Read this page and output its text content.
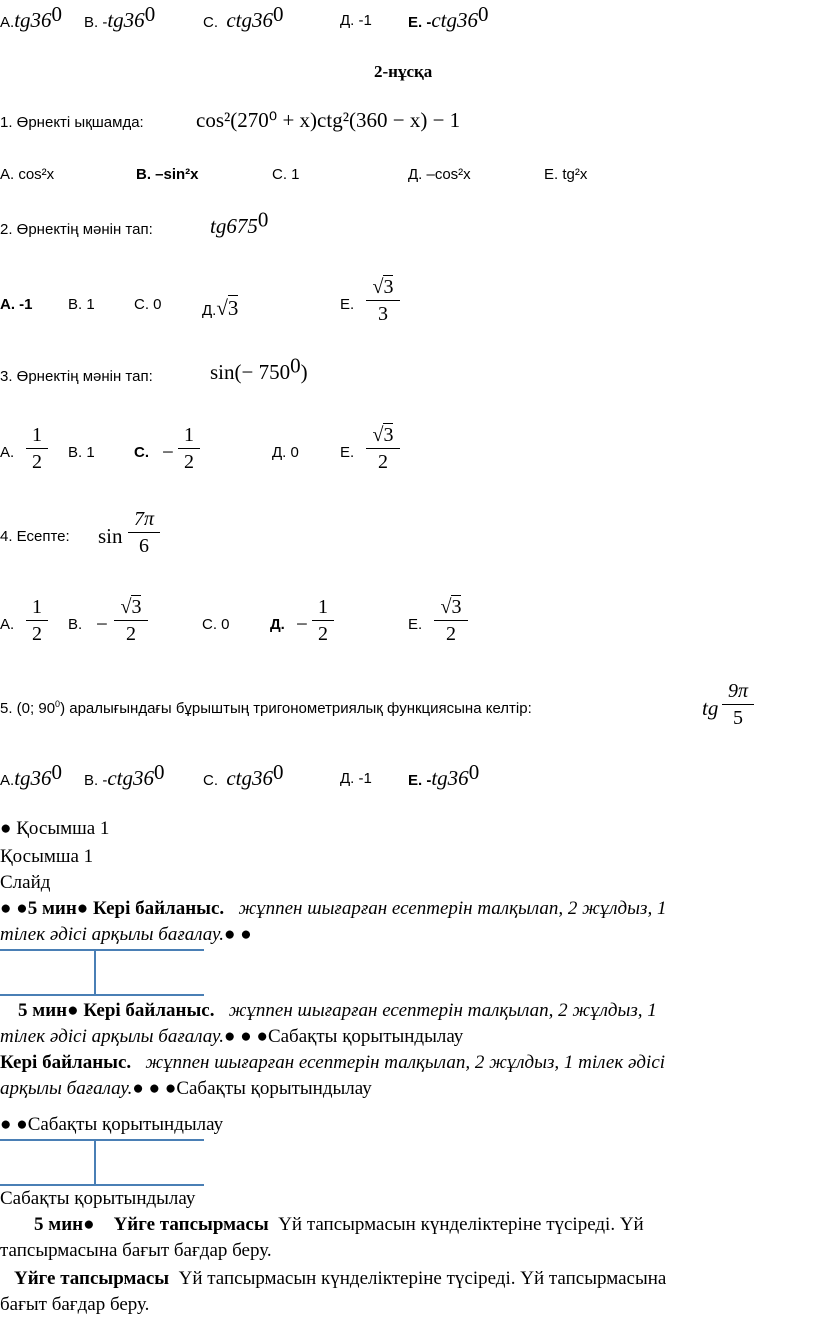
$A.tg36^0$ B. $-tg36^0$	C. $ctg36^0$	Д. -1 E. $-ctg36^0$
2-нұсқа
1. Өрнекті ықшамда: cos²(270⁰ + x)ctg²(360 − x) − 1
A. cos²x	B. –sin²x	C. 1	Д. –cos²x	E. tg²x
2. Өрнектің мәнін тап:	$tg675^0$
A. -1 B. 1	C. 0	Д.√3	E.
√3
3
3. Өрнектің мәнін тап:	$\sin(- 750^0)$
A.
1
2	B. 1	C. −
1
2	Д. 0	E.
√3
2
4. Есепте: sin
7π
6
A.
1
2	B. −
√3
2	C. 0	Д. −
1
2	E.
√3
2
5. (0; $90^0$) аралығындағы бұрыштың тригонометриялық функциясына келтір:	tg
9π
5
$A.tg36^0$ B. $-ctg36^0$	C. $ctg36^0$	Д. -1 E. $-tg36^0$
● Қосымша 1
Қосымша 1
Слайд
● ●5 мин● Кері байланыс. жұппен шығарған есептерін талқылап, 2 жұлдыз, 1
тілек әдісі арқылы бағалау.● ●
5 мин● Кері байланыс. жұппен шығарған есептерін талқылап, 2 жұлдыз, 1
тілек әдісі арқылы бағалау.● ● ●Сабақты қорытындылау
Кері байланыс. жұппен шығарған есептерін талқылап, 2 жұлдыз, 1 тілек әдісі
арқылы бағалау.● ● ●Сабақты қорытындылау
● ●Сабақты қорытындылау
Сабақты қорытындылау
5 мин● Үйге тапсырмасы Үй тапсырмасын күнделіктеріне түсіреді. Үй
тапсырмасына бағыт бағдар беру.
Үйге тапсырмасы Үй тапсырмасын күнделіктеріне түсіреді. Үй тапсырмасына
бағыт бағдар беру.
